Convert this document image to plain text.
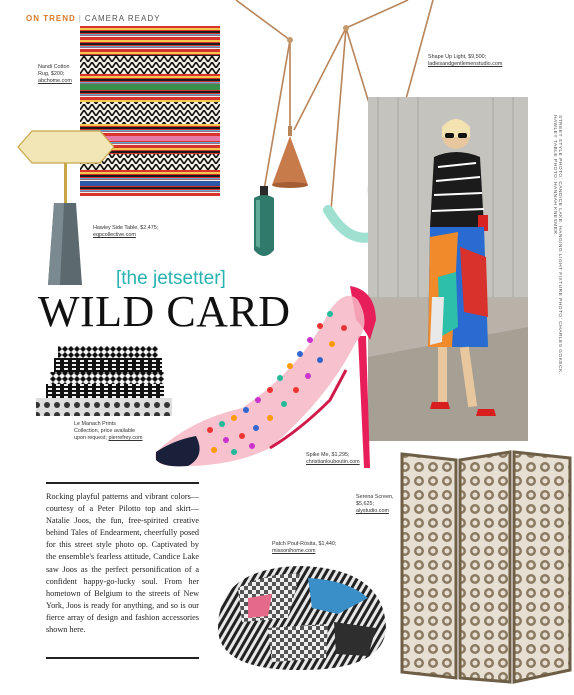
ON TREND | CAMERA READY
Nandi Cotton
Rug, $200;
abchome.com
Shape Up Light, $9,500;
ladiesandgentlemenstudio.com
Hawley Side Table, $2,475;
eqpcollective.com	STREET STYLE PHOTO: CANDICE LAKE. HANGING LIGHT FIXTURE PHOTO: CHARLES GOKECK. HAWLEY TABLE PHOTO: HANNAH KNESMER.
[the jetsetter]
WILD CARD
Le Manach Prints
Collection, price available
upon request; pierrefrey.com
Spike Me, $1,295;
christianlouboutin.com
Rocking playful patterns and vibrant colors—courtesy of a Peter Pilotto top and skirt—Natalie Joos, the fun, free-spirited creative behind Tales of Endearment, cheerfully posed for this street style photo op. Captivated by the ensemble's fearless attitude, Candice Lake saw Joos as the perfect personification of a confident happy-go-lucky soul. From her hometown of Belgium to the streets of New York, Joos is ready for anything, and so is our fierce array of design and fashion accessories shown here.
Patch Pouf-Rösita, $1,440;
missonihome.com
Serena Screen,
$5,625;
alystudio.com
